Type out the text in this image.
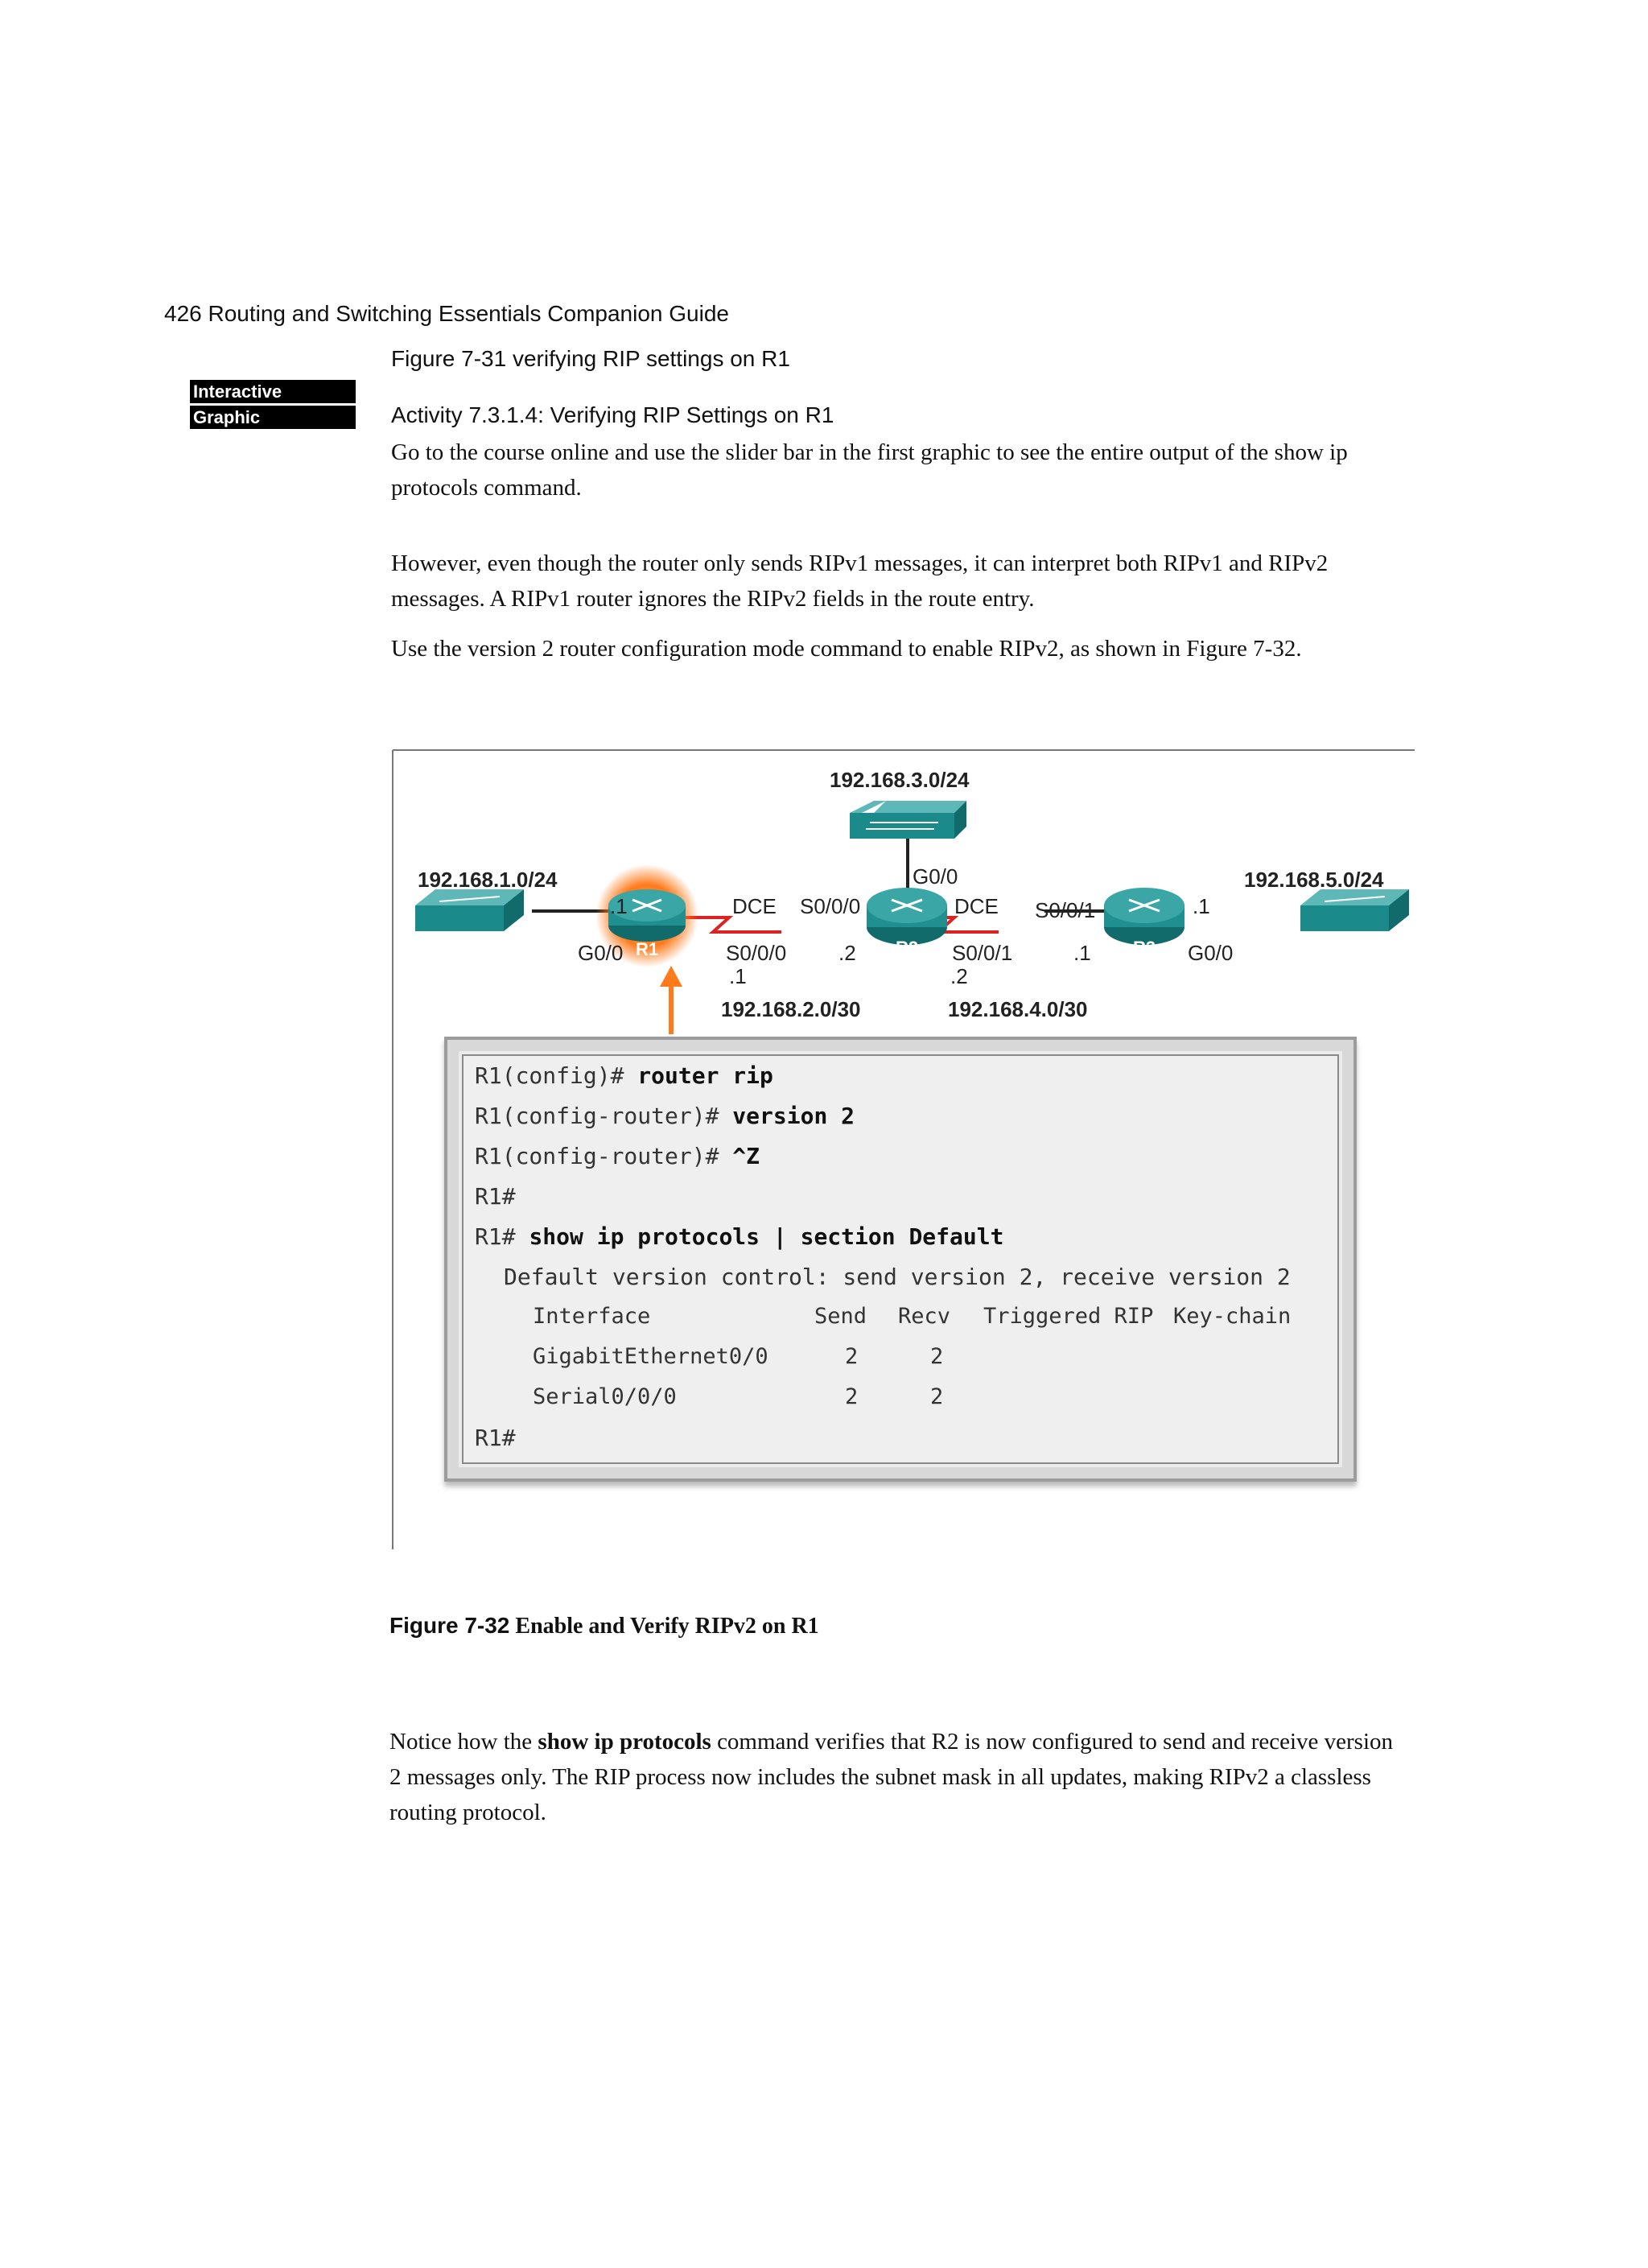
426 Routing and Switching Essentials Companion Guide
Figure 7-31 verifying RIP settings on R1
Interactive
Graphic	Activity 7.3.1.4: Verifying RIP Settings on R1
Go to the course online and use the slider bar in the first graphic to see the entire output of the show ip protocols command.
However, even though the router only sends RIPv1 messages, it can interpret both RIPv1 and RIPv2 messages. A RIPv1 router ignores the RIPv2 fields in the route entry.
Use the version 2 router configuration mode command to enable RIPv2, as shown in Figure 7-32.
R1	R2	R3
192.168.3.0/24
192.168.1.0/24	192.168.5.0/24
192.168.2.0/30	192.168.4.0/30
G0/0
.1	DCE S0/0/0
S0/0/0
.1
.2
G0/0
DCE
S0/0/1
.2
S0/0/1
.1
.1
G0/0
R1(config)# router rip
R1(config-router)# version 2
R1(config-router)# ^Z
R1#
R1# show ip protocols | section Default
Default version control: send version 2, receive version 2
Interface	Send Recv Triggered RIP Key-chain
GigabitEthernet0/0	2	2
Serial0/0/0	2	2
R1#
Figure 7-32 Enable and Verify RIPv2 on R1
Notice how the show ip protocols command verifies that R2 is now configured to send and receive version 2 messages only. The RIP process now includes the subnet mask in all updates, making RIPv2 a classless routing protocol.
